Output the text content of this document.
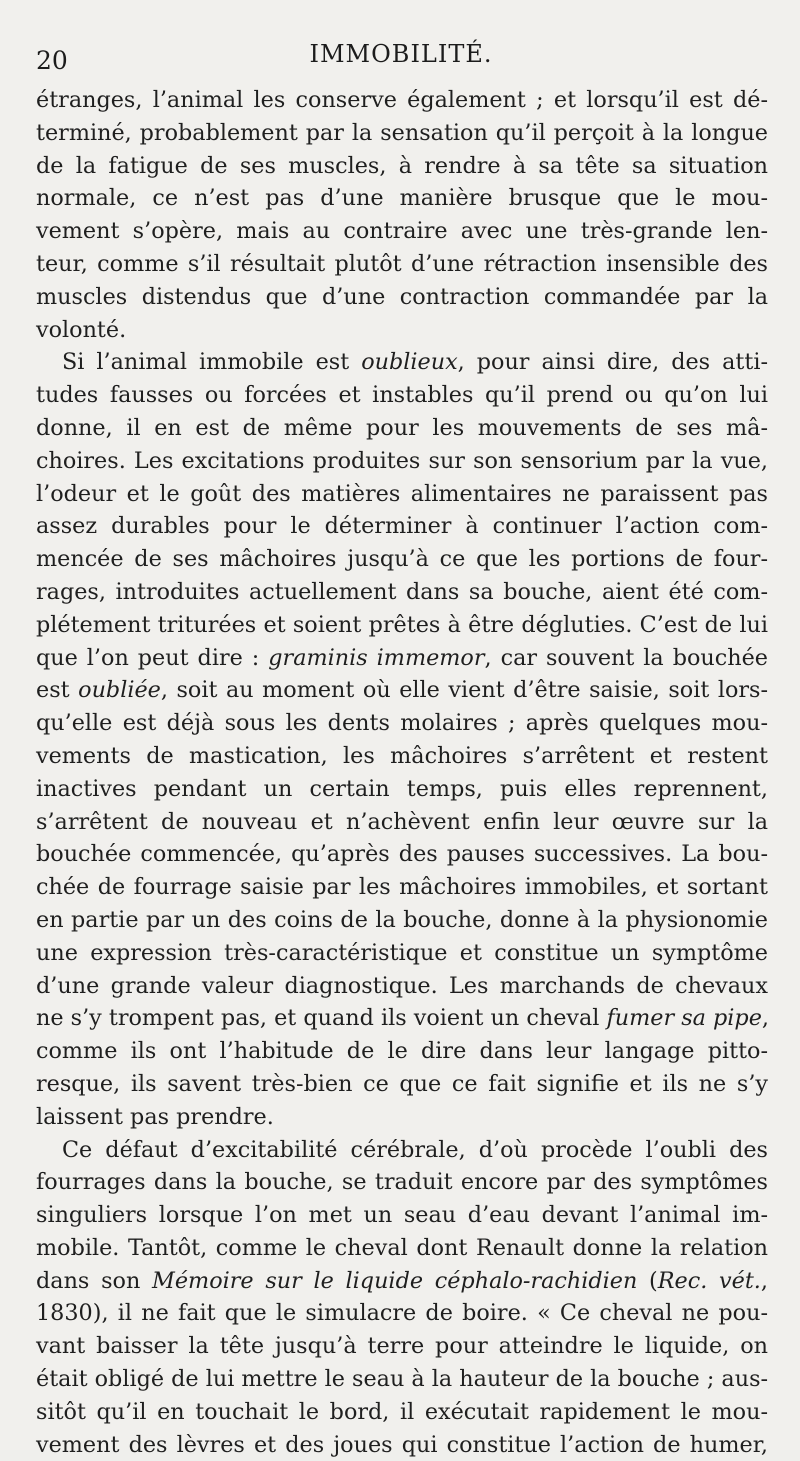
20	IMMOBILITÉ.
étranges, l’animal les conserve également ; et lorsqu’il est dé-
terminé, probablement par la sensation qu’il perçoit à la longue
de la fatigue de ses muscles, à rendre à sa tête sa situation
normale, ce n’est pas d’une manière brusque que le mou-
vement s’opère, mais au contraire avec une très-grande len-
teur, comme s’il résultait plutôt d’une rétraction insensible des
muscles distendus que d’une contraction commandée par la
volonté.
Si l’animal immobile est oublieux, pour ainsi dire, des atti-
tudes fausses ou forcées et instables qu’il prend ou qu’on lui
donne, il en est de même pour les mouvements de ses mâ-
choires. Les excitations produites sur son sensorium par la vue,
l’odeur et le goût des matières alimentaires ne paraissent pas
assez durables pour le déterminer à continuer l’action com-
mencée de ses mâchoires jusqu’à ce que les portions de four-
rages, introduites actuellement dans sa bouche, aient été com-
plétement triturées et soient prêtes à être dégluties. C’est de lui
que l’on peut dire : graminis immemor, car souvent la bouchée
est oubliée, soit au moment où elle vient d’être saisie, soit lors-
qu’elle est déjà sous les dents molaires ; après quelques mou-
vements de mastication, les mâchoires s’arrêtent et restent
inactives pendant un certain temps, puis elles reprennent,
s’arrêtent de nouveau et n’achèvent enfin leur œuvre sur la
bouchée commencée, qu’après des pauses successives. La bou-
chée de fourrage saisie par les mâchoires immobiles, et sortant
en partie par un des coins de la bouche, donne à la physionomie
une expression très-caractéristique et constitue un symptôme
d’une grande valeur diagnostique. Les marchands de chevaux
ne s’y trompent pas, et quand ils voient un cheval fumer sa pipe,
comme ils ont l’habitude de le dire dans leur langage pitto-
resque, ils savent très-bien ce que ce fait signifie et ils ne s’y
laissent pas prendre.
Ce défaut d’excitabilité cérébrale, d’où procède l’oubli des
fourrages dans la bouche, se traduit encore par des symptômes
singuliers lorsque l’on met un seau d’eau devant l’animal im-
mobile. Tantôt, comme le cheval dont Renault donne la relation
dans son Mémoire sur le liquide céphalo-rachidien (Rec. vét.,
1830), il ne fait que le simulacre de boire. « Ce cheval ne pou-
vant baisser la tête jusqu’à terre pour atteindre le liquide, on
était obligé de lui mettre le seau à la hauteur de la bouche ; aus-
sitôt qu’il en touchait le bord, il exécutait rapidement le mou-
vement des lèvres et des joues qui constitue l’action de humer,
